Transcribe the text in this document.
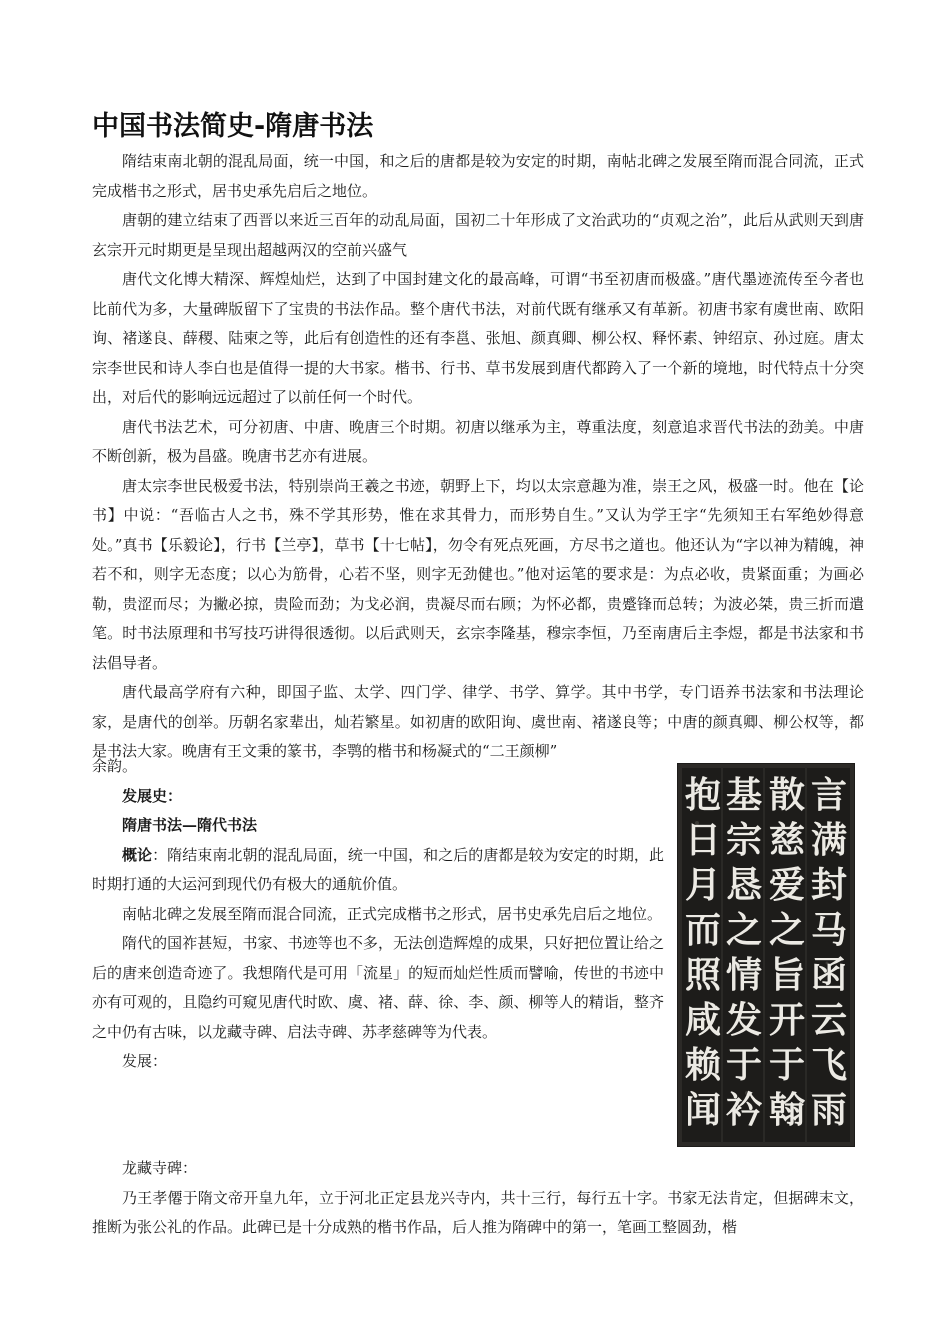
中国书法简史-隋唐书法

隋结束南北朝的混乱局面，统一中国，和之后的唐都是较为安定的时期，南帖北碑之发展至隋而混合同流，正式完成楷书之形式，居书史承先启后之地位。

唐朝的建立结束了西晋以来近三百年的动乱局面，国初二十年形成了文治武功的“贞观之治”，此后从武则天到唐玄宗开元时期更是呈现出超越两汉的空前兴盛气

唐代文化博大精深、辉煌灿烂，达到了中国封建文化的最高峰，可谓“书至初唐而极盛。”唐代墨迹流传至今者也比前代为多，大量碑版留下了宝贵的书法作品。整个唐代书法，对前代既有继承又有革新。初唐书家有虞世南、欧阳询、褚遂良、薛稷、陆柬之等，此后有创造性的还有李邕、张旭、颜真卿、柳公权、释怀素、钟绍京、孙过庭。唐太宗李世民和诗人李白也是值得一提的大书家。楷书、行书、草书发展到唐代都跨入了一个新的境地，时代特点十分突出，对后代的影响远远超过了以前任何一个时代。

唐代书法艺术，可分初唐、中唐、晚唐三个时期。初唐以继承为主，尊重法度，刻意追求晋代书法的劲美。中唐不断创新，极为昌盛。晚唐书艺亦有进展。

唐太宗李世民极爱书法，特别崇尚王羲之书迹，朝野上下，均以太宗意趣为准，崇王之风，极盛一时。他在【论书】中说：“吾临古人之书，殊不学其形势，惟在求其骨力，而形势自生。”又认为学王字“先须知王右军绝妙得意处。”真书【乐毅论】，行书【兰亭】，草书【十七帖】，勿令有死点死画，方尽书之道也。他还认为“字以神为精魄，神若不和，则字无态度；以心为筋骨，心若不坚，则字无劲健也。”他对运笔的要求是：为点必收，贵紧面重；为画必勒，贵涩而尽；为撇必掠，贵险而劲；为戈必润，贵凝尽而右顾；为怀必都，贵蹙锋而总转；为波必桀，贵三折而遣笔。时书法原理和书写技巧讲得很透彻。以后武则天，玄宗李隆基，穆宗李恒，乃至南唐后主李煜，都是书法家和书法倡导者。

唐代最高学府有六种，即国子监、太学、四门学、律学、书学、算学。其中书学，专门语养书法家和书法理论家，是唐代的创举。历朝名家辈出，灿若繁星。如初唐的欧阳询、虞世南、褚遂良等；中唐的颜真卿、柳公权等，都是书法大家。晚唐有王文秉的篆书，李鹗的楷书和杨凝式的“二王颜柳”

余韵。

发展史：

隋唐书法—隋代书法

概论：隋结束南北朝的混乱局面，统一中国，和之后的唐都是较为安定的时期，此时期打通的大运河到现代仍有极大的通航价值。

南帖北碑之发展至隋而混合同流，正式完成楷书之形式，居书史承先启后之地位。

隋代的国祚甚短，书家、书迹等也不多，无法创造辉煌的成果，只好把位置让给之后的唐来创造奇迹了。我想隋代是可用「流星」的短而灿烂性质而譬喻，传世的书迹中亦有可观的，且隐约可窥见唐代时欧、虞、褚、薛、徐、李、颜、柳等人的精诣，整齐之中仍有古味，以龙藏寺碑、启法寺碑、苏孝慈碑等为代表。

发展：

言
满
封
马
函
云
飞
雨
散
慈
爱
之
旨
开
于
翰
基
宗
恳
之
情
发
于
衿
抱
日
月
而
照
咸
赖
闻

龙藏寺碑：

乃王孝僊于隋文帝开皇九年，立于河北正定县龙兴寺内，共十三行，每行五十字。书家无法肯定，但据碑末文，推断为张公礼的作品。此碑已是十分成熟的楷书作品，后人推为隋碑中的第一，笔画工整圆劲，楷
